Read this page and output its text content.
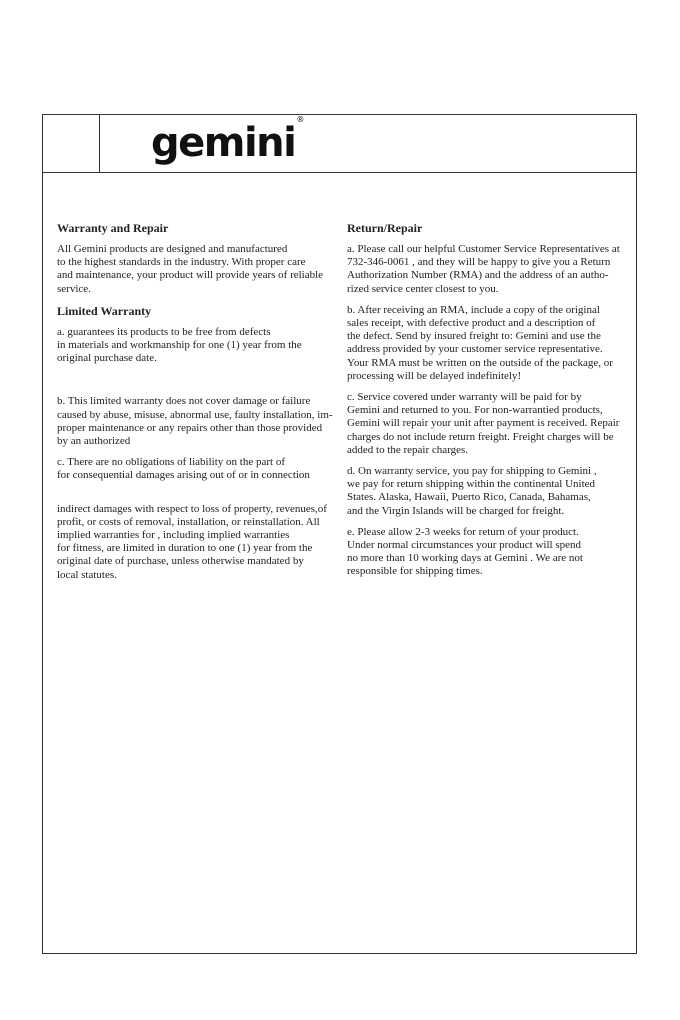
gemini®
Warranty and Repair

All Gemini products are designed and manufactured
to the highest standards in the industry. With proper care
and maintenance, your product will provide years of reliable
service.

Limited Warranty

a. guarantees its products to be free from defects
in materials and workmanship for one (1) year from the
original purchase date.

b. This limited warranty does not cover damage or failure
caused by abuse, misuse, abnormal use, faulty installation, im-
proper maintenance or any repairs other than those provided
by an authorized

c. There are no obligations of liability on the part of
for consequential damages arising out of or in connection

indirect damages with respect to loss of property, revenues,of
profit, or costs of removal, installation, or reinstallation. All
implied warranties for , including implied warranties
for fitness, are limited in duration to one (1) year from the
original date of purchase, unless otherwise mandated by
local statutes.

Return/Repair

a. Please call our helpful Customer Service Representatives at
732-346-0061 , and they will be happy to give you a Return
Authorization Number (RMA) and the address of an autho-
rized service center closest to you.

b. After receiving an RMA, include a copy of the original
sales receipt, with defective product and a description of
the defect. Send by insured freight to: Gemini and use the
address provided by your customer service representative.
Your RMA must be written on the outside of the package, or
processing will be delayed indefinitely!

c. Service covered under warranty will be paid for by
Gemini and returned to you. For non-warrantied products,
Gemini will repair your unit after payment is received. Repair
charges do not include return freight. Freight charges will be
added to the repair charges.

d. On warranty service, you pay for shipping to Gemini ,
we pay for return shipping within the continental United
States. Alaska, Hawaii, Puerto Rico, Canada, Bahamas,
and the Virgin Islands will be charged for freight.

e. Please allow 2-3 weeks for return of your product.
Under normal circumstances your product will spend
no more than 10 working days at Gemini . We are not
responsible for shipping times.
